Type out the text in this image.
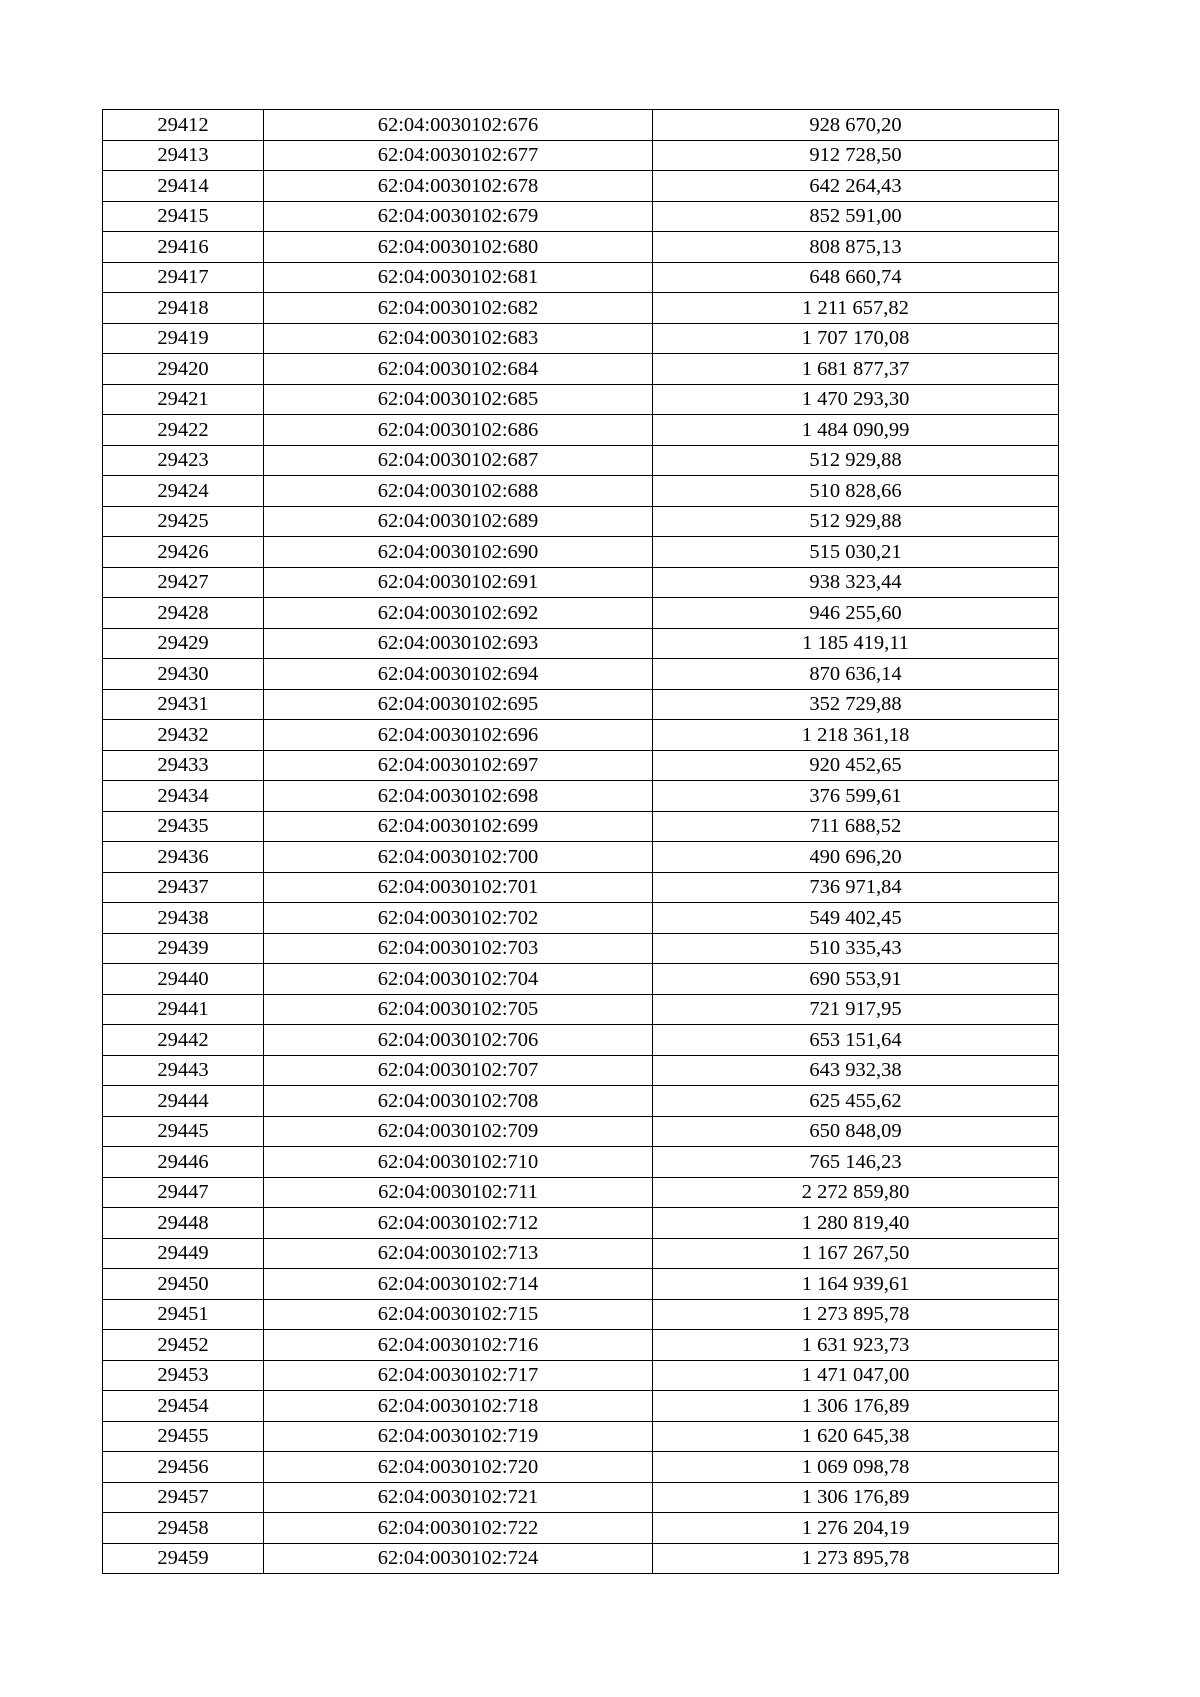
29412	62:04:0030102:676	928 670,20
29413	62:04:0030102:677	912 728,50
29414	62:04:0030102:678	642 264,43
29415	62:04:0030102:679	852 591,00
29416	62:04:0030102:680	808 875,13
29417	62:04:0030102:681	648 660,74
29418	62:04:0030102:682	1 211 657,82
29419	62:04:0030102:683	1 707 170,08
29420	62:04:0030102:684	1 681 877,37
29421	62:04:0030102:685	1 470 293,30
29422	62:04:0030102:686	1 484 090,99
29423	62:04:0030102:687	512 929,88
29424	62:04:0030102:688	510 828,66
29425	62:04:0030102:689	512 929,88
29426	62:04:0030102:690	515 030,21
29427	62:04:0030102:691	938 323,44
29428	62:04:0030102:692	946 255,60
29429	62:04:0030102:693	1 185 419,11
29430	62:04:0030102:694	870 636,14
29431	62:04:0030102:695	352 729,88
29432	62:04:0030102:696	1 218 361,18
29433	62:04:0030102:697	920 452,65
29434	62:04:0030102:698	376 599,61
29435	62:04:0030102:699	711 688,52
29436	62:04:0030102:700	490 696,20
29437	62:04:0030102:701	736 971,84
29438	62:04:0030102:702	549 402,45
29439	62:04:0030102:703	510 335,43
29440	62:04:0030102:704	690 553,91
29441	62:04:0030102:705	721 917,95
29442	62:04:0030102:706	653 151,64
29443	62:04:0030102:707	643 932,38
29444	62:04:0030102:708	625 455,62
29445	62:04:0030102:709	650 848,09
29446	62:04:0030102:710	765 146,23
29447	62:04:0030102:711	2 272 859,80
29448	62:04:0030102:712	1 280 819,40
29449	62:04:0030102:713	1 167 267,50
29450	62:04:0030102:714	1 164 939,61
29451	62:04:0030102:715	1 273 895,78
29452	62:04:0030102:716	1 631 923,73
29453	62:04:0030102:717	1 471 047,00
29454	62:04:0030102:718	1 306 176,89
29455	62:04:0030102:719	1 620 645,38
29456	62:04:0030102:720	1 069 098,78
29457	62:04:0030102:721	1 306 176,89
29458	62:04:0030102:722	1 276 204,19
29459	62:04:0030102:724	1 273 895,78
